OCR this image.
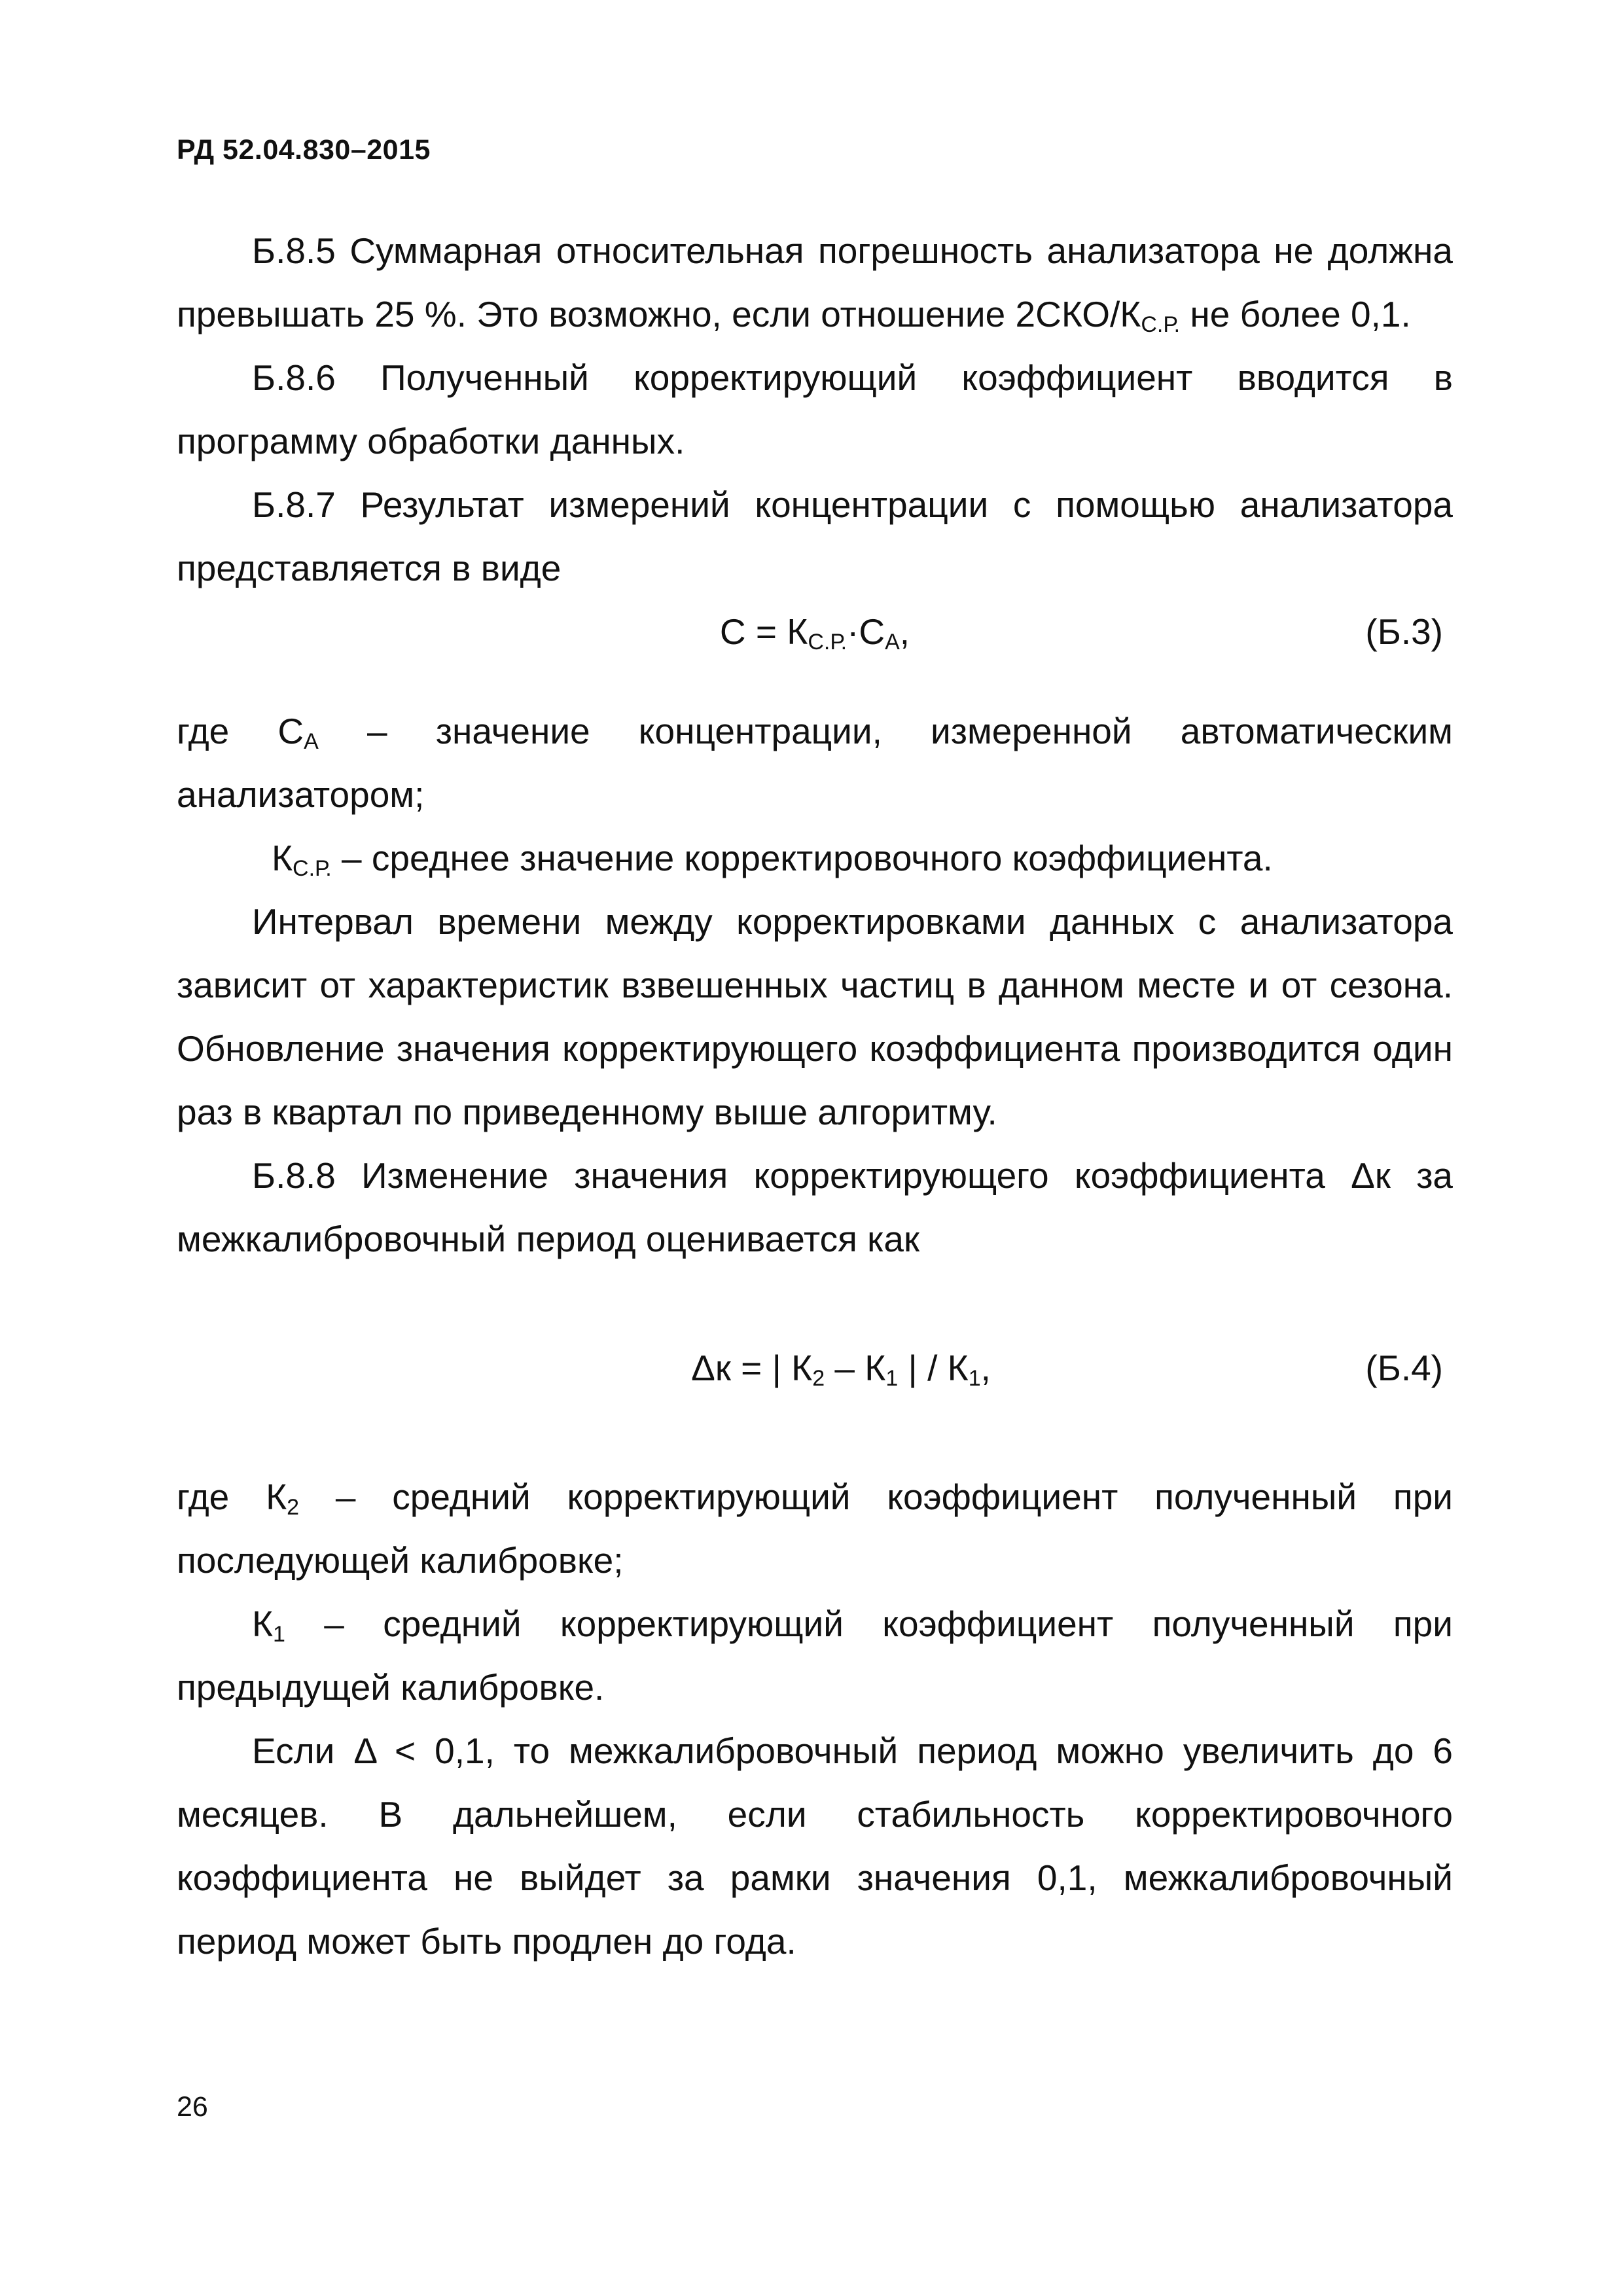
РД 52.04.830–2015

Б.8.5 Суммарная относительная погрешность анализатора не должна превышать 25 %. Это возможно, если отношение $2СКО/К_{С.Р.}$ не более 0,1.

Б.8.6 Полученный корректирующий коэффициент вводится в программу обработки данных.

Б.8.7 Результат измерений концентрации с помощью анализатора представляется в виде

$С = К_{С.Р.}\cdot С_А$,	(Б.3)

где $С_А$ – значение концентрации, измеренной автоматическим анализатором;

$К_{С.Р.}$ – среднее значение корректировочного коэффициента.

Интервал времени между корректировками данных с анализатора зависит от характеристик взвешенных частиц в данном месте и от сезона. Обновление значения корректирующего коэффициента производится один раз в квартал по приведенному выше алгоритму.

Б.8.8 Изменение значения корректирующего коэффициента Δк за межкалибровочный период оценивается как

Δк = | $К_2 - К_1$ | / $К_1$,	(Б.4)

где $К_2$ – средний корректирующий коэффициент полученный при последующей калибровке;

$К_1$ – средний корректирующий коэффициент полученный при предыдущей калибровке.

Если Δ < 0,1, то межкалибровочный период можно увеличить до 6 месяцев. В дальнейшем, если стабильность корректировочного коэффициента не выйдет за рамки значения 0,1, межкалибровочный период может быть продлен до года.

26
